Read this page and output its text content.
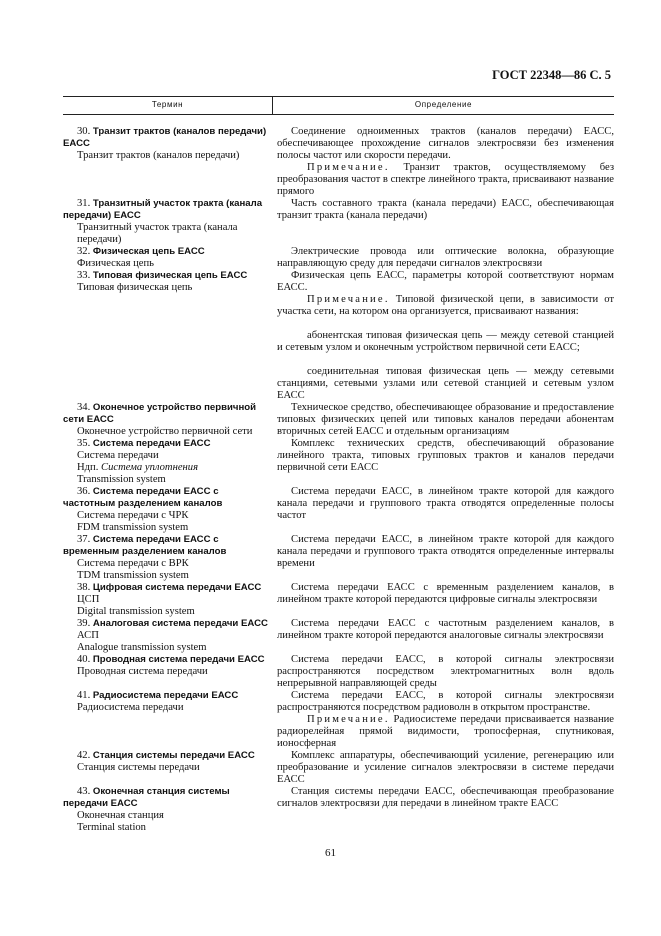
ГОСТ 22348—86 С. 5
Термин	Определение
30. Транзит трактов (каналов передачи) ЕАСС
Транзит трактов (каналов передачи)
Соединение одноименных трактов (каналов передачи) ЕАСС, обеспечивающее прохождение сигналов электросвязи без изменения полосы частот или скорости передачи.
Примечание. Транзит трактов, осуществляемому без преобразования частот в спектре линейного тракта, присваивают название прямого
31. Транзитный участок тракта (канала передачи) ЕАСС
Транзитный участок тракта (канала передачи)
Часть составного тракта (канала передачи) ЕАСС, обеспечивающая транзит тракта (канала передачи)
32. Физическая цепь ЕАСС
Физическая цепь
Электрические провода или оптические волокна, образующие направляющую среду для передачи сигналов электросвязи
33. Типовая физическая цепь ЕАСС
Типовая физическая цепь
Физическая цепь ЕАСС, параметры которой соответствуют нормам ЕАСС.
Примечание. Типовой физической цепи, в зависимости от участка сети, на котором она организуется, присваивают названия:
абонентская типовая физическая цепь — между сетевой станцией и сетевым узлом и оконечным устройством первичной сети ЕАСС;
соединительная типовая физическая цепь — между сетевыми станциями, сетевыми узлами или сетевой станцией и сетевым узлом ЕАСС
34. Оконечное устройство первичной сети ЕАСС
Оконечное устройство первичной сети
Техническое средство, обеспечивающее образование и предоставление типовых физических цепей или типовых каналов передачи абонентам вторичных сетей ЕАСС и отдельным организациям
35. Система передачи ЕАСС
Система передачи
Ндп. Система уплотнения
Transmission system
Комплекс технических средств, обеспечивающий образование линейного тракта, типовых групповых трактов и каналов передачи первичной сети ЕАСС
36. Система передачи ЕАСС с частотным разделением каналов
Система передачи с ЧРК
FDM transmission system
Система передачи ЕАСС, в линейном тракте которой для каждого канала передачи и группового тракта отводятся определенные полосы частот
37. Система передачи ЕАСС с временным разделением каналов
Система передачи с ВРК
TDM transmission system
Система передачи ЕАСС, в линейном тракте которой для каждого канала передачи и группового тракта отводятся определенные интервалы времени
38. Цифровая система передачи ЕАСС
ЦСП
Digital transmission system
Система передачи ЕАСС с временным разделением каналов, в линейном тракте которой передаются цифровые сигналы электросвязи
39. Аналоговая система передачи ЕАСС
АСП
Analogue transmission system
Система передачи ЕАСС с частотным разделением каналов, в линейном тракте которой передаются аналоговые сигналы электросвязи
40. Проводная система передачи ЕАСС
Проводная система передачи
Система передачи ЕАСС, в которой сигналы электросвязи распространяются посредством электромагнитных волн вдоль непрерывной направляющей среды
41. Радиосистема передачи ЕАСС
Радиосистема передачи
Система передачи ЕАСС, в которой сигналы электросвязи распространяются посредством радиоволн в открытом пространстве.
Примечание. Радиосистеме передачи присваивается название радиорелейная прямой видимости, тропосферная, спутниковая, ионосферная
42. Станция системы передачи ЕАСС
Станция системы передачи
Комплекс аппаратуры, обеспечивающий усиление, регенерацию или преобразование и усиление сигналов электросвязи в системе передачи ЕАСС
43. Оконечная станция системы передачи ЕАСС
Оконечная станция
Terminal station
Станция системы передачи ЕАСС, обеспечивающая преобразование сигналов электросвязи для передачи в линейном тракте ЕАСС
61
